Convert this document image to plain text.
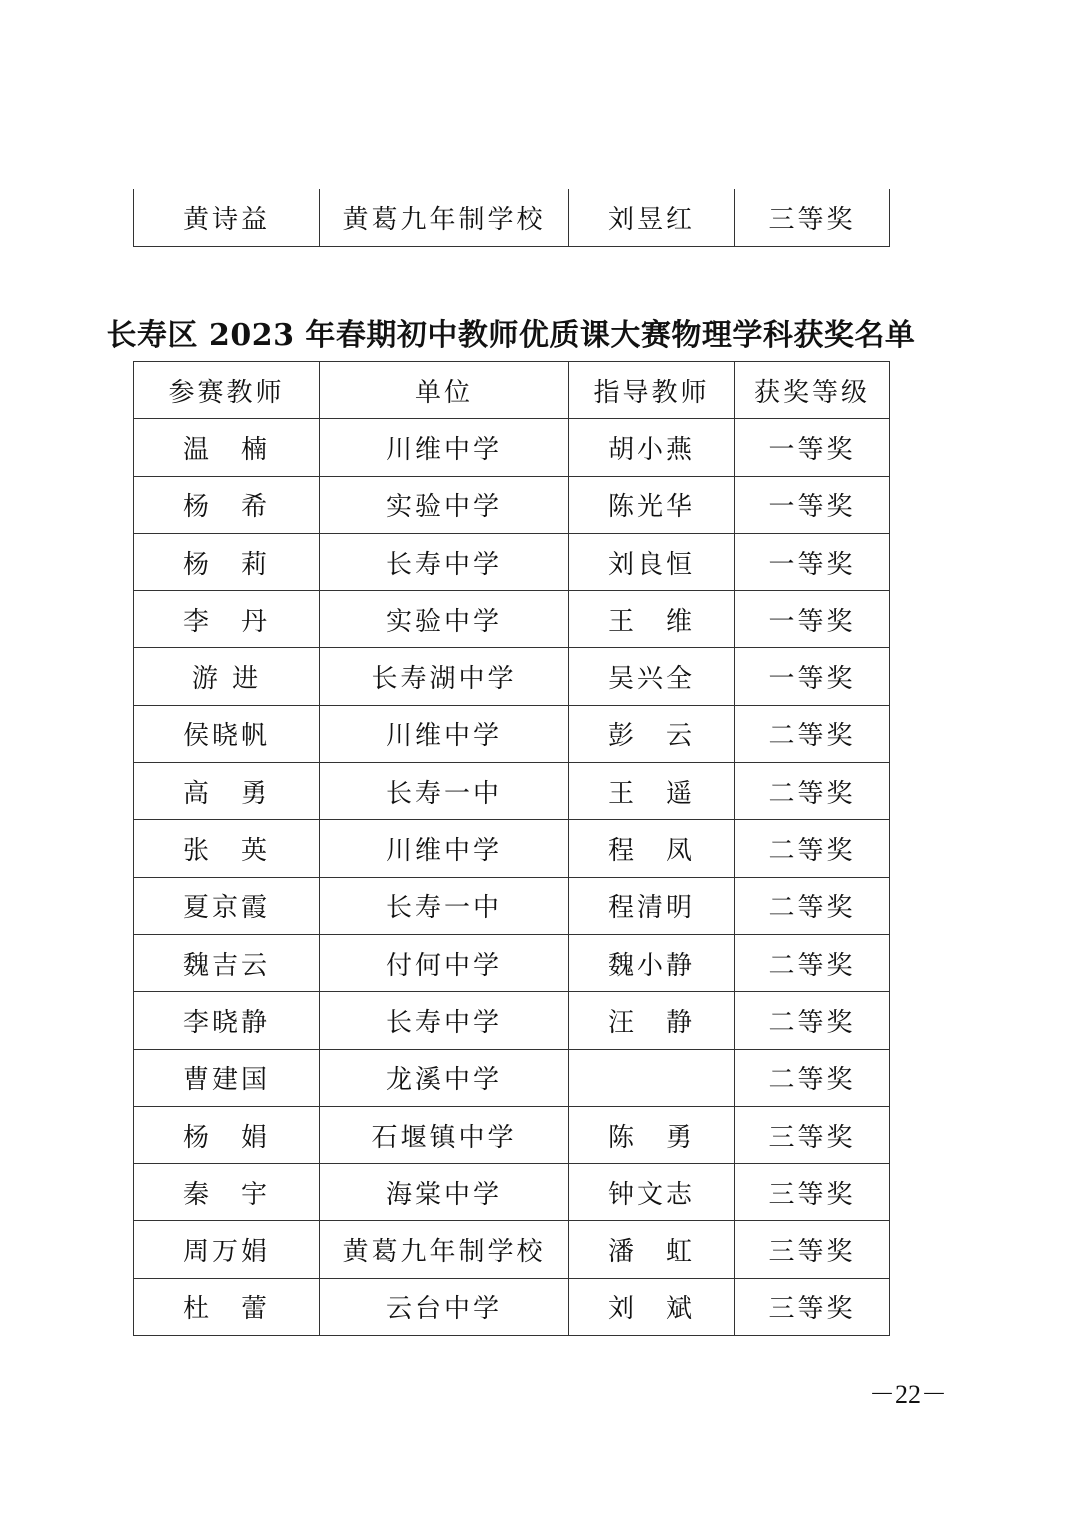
黄诗益	黄葛九年制学校	刘昱红	三等奖
长寿区 2023 年春期初中教师优质课大赛物理学科获奖名单
参赛教师	单位	指导教师	获奖等级
温　楠	川维中学	胡小燕	一等奖
杨　希	实验中学	陈光华	一等奖
杨　莉	长寿中学	刘良恒	一等奖
李　丹	实验中学	王　维	一等奖
游 进	长寿湖中学	吴兴全	一等奖
侯晓帆	川维中学	彭　云	二等奖
高　勇	长寿一中	王　遥	二等奖
张　英	川维中学	程　凤	二等奖
夏京霞	长寿一中	程清明	二等奖
魏吉云	付何中学	魏小静	二等奖
李晓静	长寿中学	汪　静	二等奖
曹建国	龙溪中学		二等奖
杨　娟	石堰镇中学	陈　勇	三等奖
秦　宇	海棠中学	钟文志	三等奖
周万娟	黄葛九年制学校	潘　虹	三等奖
杜　蕾	云台中学	刘　斌	三等奖
－22－
